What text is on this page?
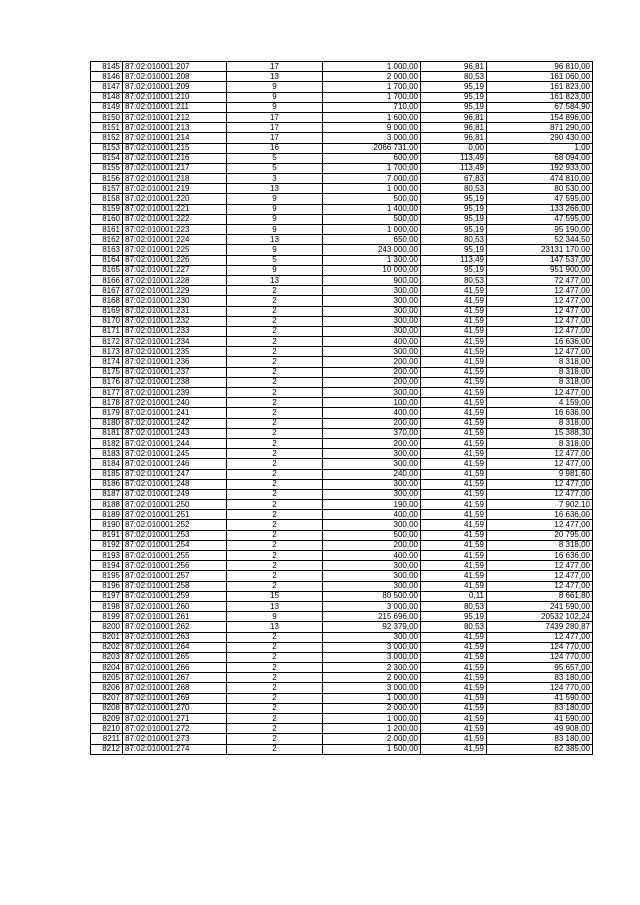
8145	87:02:010001:207	17	1 000,00	96,81	96 810,00
8146	87:02:010001:208	13	2 000,00	80,53	161 060,00
8147	87:02:010001:209	9	1 700,00	95,19	161 823,00
8148	87:02:010001:210	9	1 700,00	95,19	161 823,00
8149	87:02:010001:211	9	710,00	95,19	67 584,90
8150	87:02:010001:212	17	1 600,00	96,81	154 896,00
8151	87:02:010001:213	17	9 000,00	96,81	871 290,00
8152	87:02:010001:214	17	3 000,00	96,81	290 430,00
8153	87:02:010001:215	16	2066 731,00	0,00	1,00
8154	87:02:010001:216	5	600,00	113,49	68 094,00
8155	87:02:010001:217	5	1 700,00	113,49	192 933,00
8156	87:02:010001:218	3	7 000,00	67,83	474 810,00
8157	87:02:010001:219	13	1 000,00	80,53	80 530,00
8158	87:02:010001:220	9	500,00	95,19	47 595,00
8159	87:02:010001:221	9	1 400,00	95,19	133 266,00
8160	87:02:010001:222	9	500,00	95,19	47 595,00
8161	87:02:010001:223	9	1 000,00	95,19	95 190,00
8162	87:02:010001:224	13	650,00	80,53	52 344,50
8163	87:02:010001:225	9	243 000,00	95,19	23131 170,00
8164	87:02:010001:226	5	1 300,00	113,49	147 537,00
8165	87:02:010001:227	9	10 000,00	95,19	951 900,00
8166	87:02:010001:228	13	900,00	80,53	72 477,00
8167	87:02:010001:229	2	300,00	41,59	12 477,00
8168	87:02:010001:230	2	300,00	41,59	12 477,00
8169	87:02:010001:231	2	300,00	41,59	12 477,00
8170	87:02:010001:232	2	300,00	41,59	12 477,00
8171	87:02:010001:233	2	300,00	41,59	12 477,00
8172	87:02:010001:234	2	400,00	41,59	16 636,00
8173	87:02:010001:235	2	300,00	41,59	12 477,00
8174	87:02:010001:236	2	200,00	41,59	8 318,00
8175	87:02:010001:237	2	200,00	41,59	8 318,00
8176	87:02:010001:238	2	200,00	41,59	8 318,00
8177	87:02:010001:239	2	300,00	41,59	12 477,00
8178	87:02:010001:240	2	100,00	41,59	4 159,00
8179	87:02:010001:241	2	400,00	41,59	16 636,00
8180	87:02:010001:242	2	200,00	41,59	8 318,00
8181	87:02:010001:243	2	370,00	41,59	15 388,30
8182	87:02:010001:244	2	200,00	41,59	8 318,00
8183	87:02:010001:245	2	300,00	41,59	12 477,00
8184	87:02:010001:246	2	300,00	41,59	12 477,00
8185	87:02:010001:247	2	240,00	41,59	9 981,60
8186	87:02:010001:248	2	300,00	41,59	12 477,00
8187	87:02:010001:249	2	300,00	41,59	12 477,00
8188	87:02:010001:250	2	190,00	41,59	7 902,10
8189	87:02:010001:251	2	400,00	41,59	16 636,00
8190	87:02:010001:252	2	300,00	41,59	12 477,00
8191	87:02:010001:253	2	500,00	41,59	20 795,00
8192	87:02:010001:254	2	200,00	41,59	8 318,00
8193	87:02:010001:255	2	400,00	41,59	16 636,00
8194	87:02:010001:256	2	300,00	41,59	12 477,00
8195	87:02:010001:257	2	300,00	41,59	12 477,00
8196	87:02:010001:258	2	300,00	41,59	12 477,00
8197	87:02:010001:259	15	80 500,00	0,11	8 661,80
8198	87:02:010001:260	13	3 000,00	80,53	241 590,00
8199	87:02:010001:261	9	215 696,00	95,19	20532 102,24
8200	87:02:010001:262	13	92 379,00	80,53	7439 280,87
8201	87:02:010001:263	2	300,00	41,59	12 477,00
8202	87:02:010001:264	2	3 000,00	41,59	124 770,00
8203	87:02:010001:265	2	3 000,00	41,59	124 770,00
8204	87:02:010001:266	2	2 300,00	41,59	95 657,00
8205	87:02:010001:267	2	2 000,00	41,59	83 180,00
8206	87:02:010001:268	2	3 000,00	41,59	124 770,00
8207	87:02:010001:269	2	1 000,00	41,59	41 590,00
8208	87:02:010001:270	2	2 000,00	41,59	83 180,00
8209	87:02:010001:271	2	1 000,00	41,59	41 590,00
8210	87:02:010001:272	2	1 200,00	41,59	49 908,00
8211	87:02:010001:273	2	2 000,00	41,59	83 180,00
8212	87:02:010001:274	2	1 500,00	41,59	62 385,00
